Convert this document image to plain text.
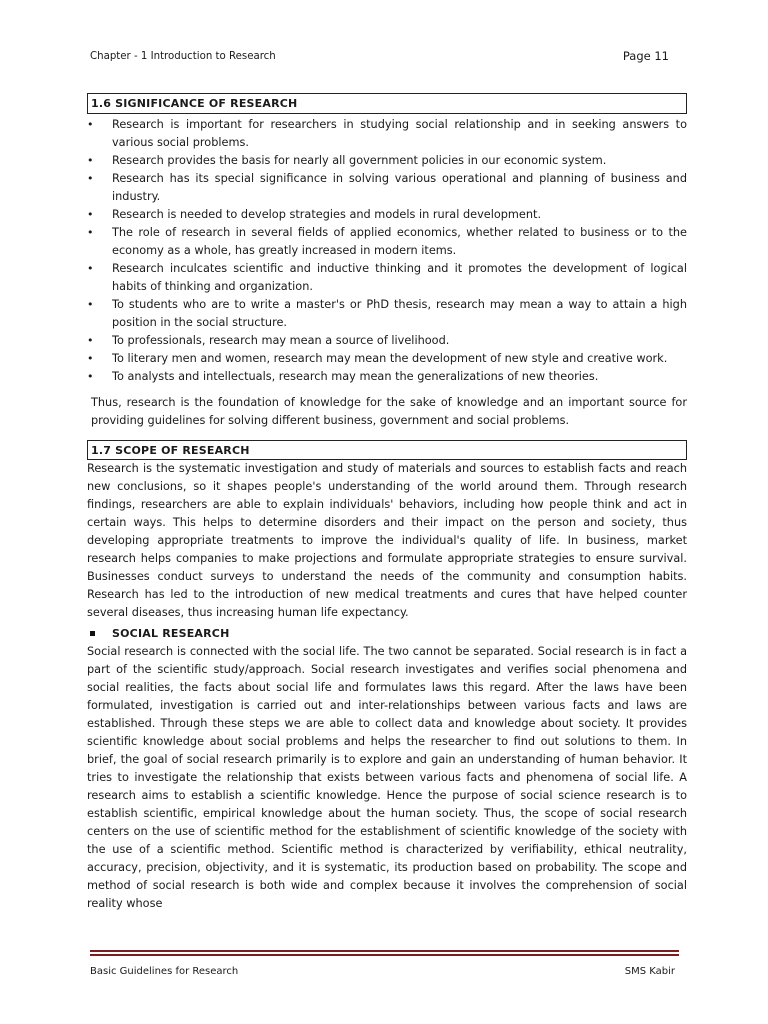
Chapter - 1 Introduction to Research	Page 11
1.6 SIGNIFICANCE OF RESEARCH
• Research is important for researchers in studying social relationship and in seeking answers to various social problems.
• Research provides the basis for nearly all government policies in our economic system.
• Research has its special significance in solving various operational and planning of business and industry.
• Research is needed to develop strategies and models in rural development.
• The role of research in several fields of applied economics, whether related to business or to the economy as a whole, has greatly increased in modern items.
• Research inculcates scientific and inductive thinking and it promotes the development of logical habits of thinking and organization.
• To students who are to write a master's or PhD thesis, research may mean a way to attain a high position in the social structure.
• To professionals, research may mean a source of livelihood.
• To literary men and women, research may mean the development of new style and creative work.
• To analysts and intellectuals, research may mean the generalizations of new theories.

Thus, research is the foundation of knowledge for the sake of knowledge and an important source for providing guidelines for solving different business, government and social problems.

1.7 SCOPE OF RESEARCH

Research is the systematic investigation and study of materials and sources to establish facts and reach new conclusions, so it shapes people's understanding of the world around them. Through research findings, researchers are able to explain individuals' behaviors, including how people think and act in certain ways. This helps to determine disorders and their impact on the person and society, thus developing appropriate treatments to improve the individual's quality of life. In business, market research helps companies to make projections and formulate appropriate strategies to ensure survival. Businesses conduct surveys to understand the needs of the community and consumption habits. Research has led to the introduction of new medical treatments and cures that have helped counter several diseases, thus increasing human life expectancy.

SOCIAL RESEARCH

Social research is connected with the social life. The two cannot be separated. Social research is in fact a part of the scientific study/approach. Social research investigates and verifies social phenomena and social realities, the facts about social life and formulates laws this regard. After the laws have been formulated, investigation is carried out and inter-relationships between various facts and laws are established. Through these steps we are able to collect data and knowledge about society. It provides scientific knowledge about social problems and helps the researcher to find out solutions to them. In brief, the goal of social research primarily is to explore and gain an understanding of human behavior. It tries to investigate the relationship that exists between various facts and phenomena of social life. A research aims to establish a scientific knowledge. Hence the purpose of social science research is to establish scientific, empirical knowledge about the human society. Thus, the scope of social research centers on the use of scientific method for the establishment of scientific knowledge of the society with the use of a scientific method. Scientific method is characterized by verifiability, ethical neutrality, accuracy, precision, objectivity, and it is systematic, its production based on probability. The scope and method of social research is both wide and complex because it involves the comprehension of social reality whose

Basic Guidelines for Research	SMS Kabir
